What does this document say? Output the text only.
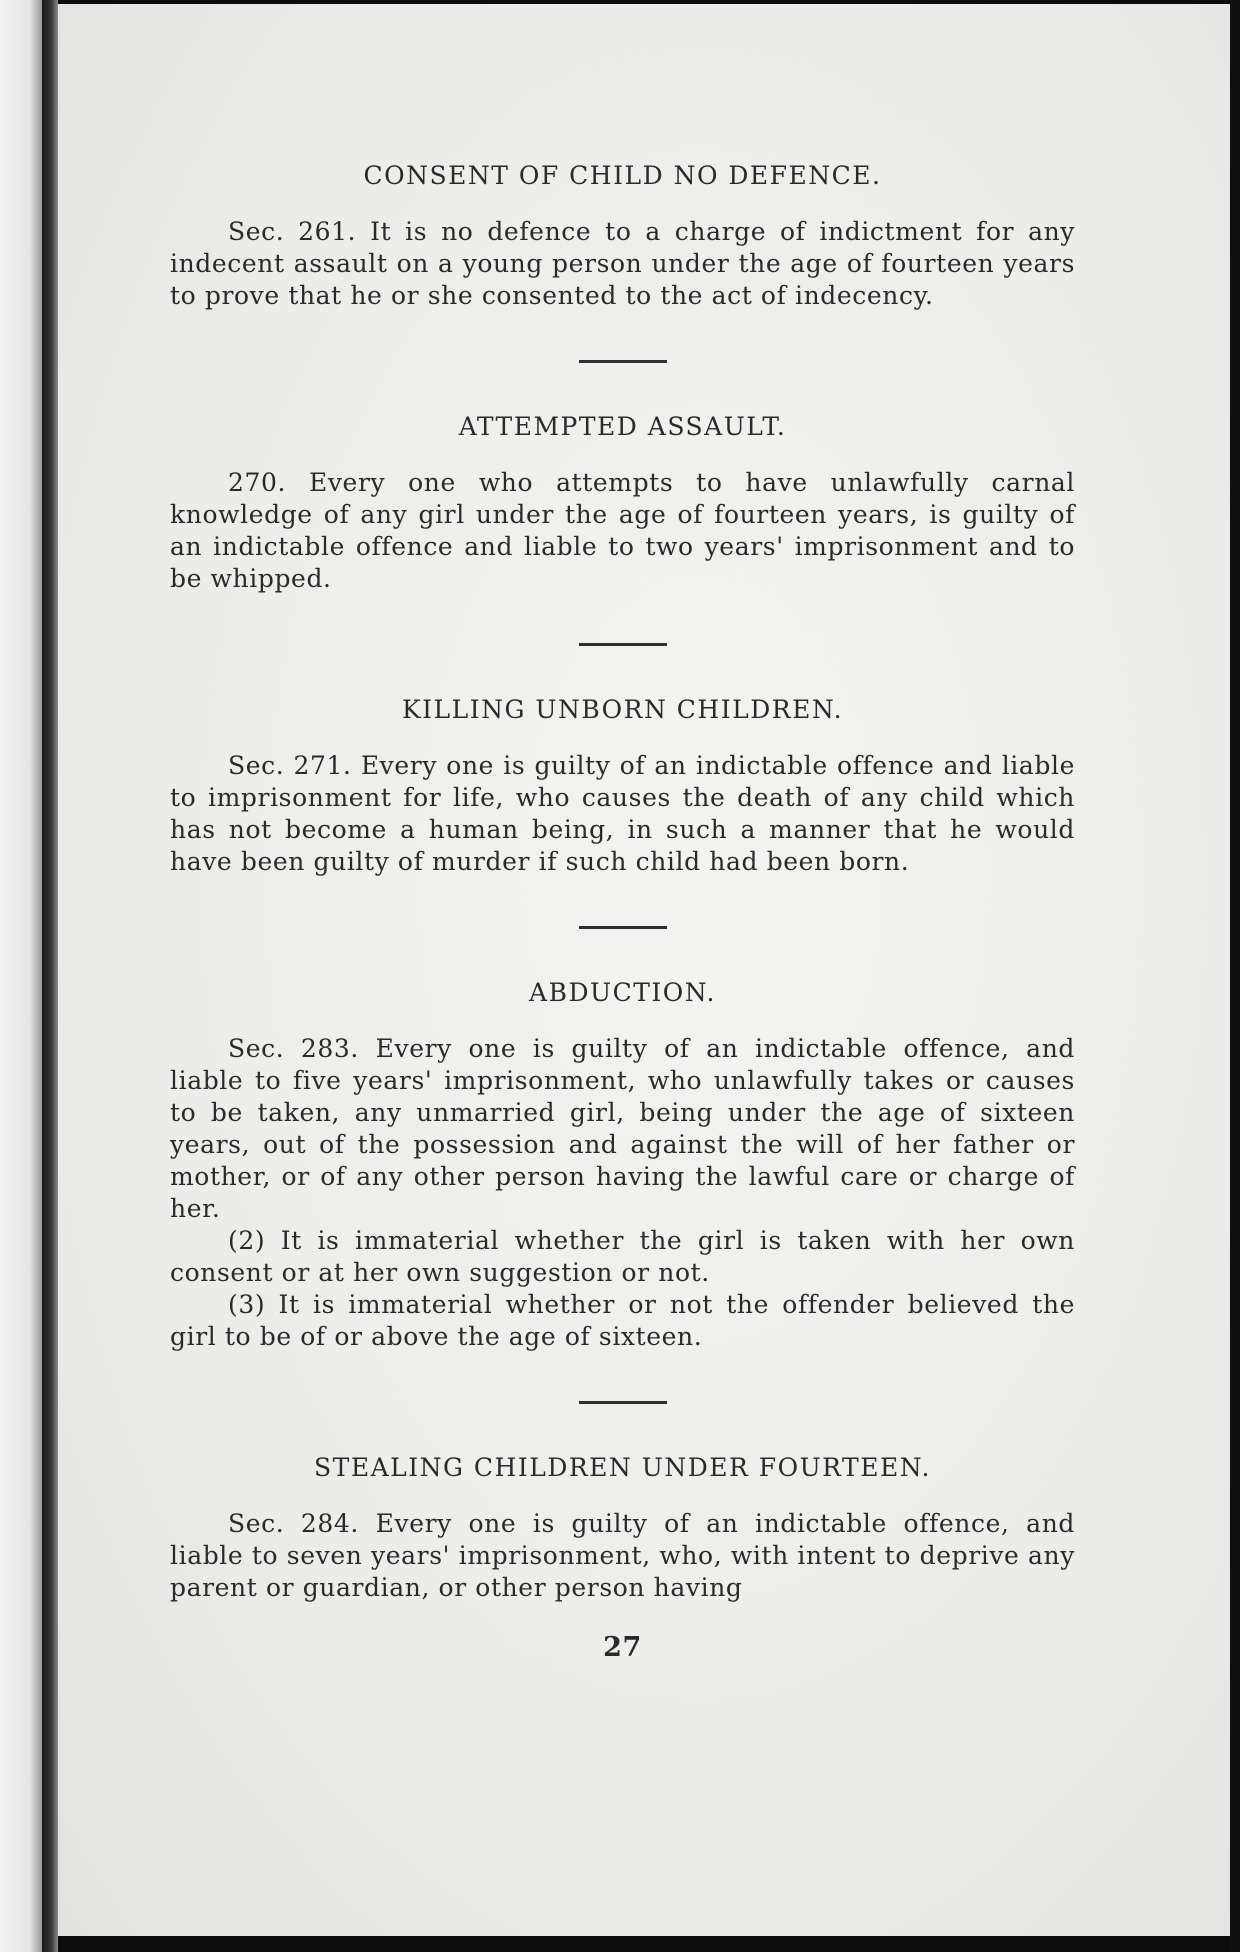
CONSENT OF CHILD NO DEFENCE.

Sec. 261. It is no defence to a charge of indictment for any indecent assault on a young person under the age of fourteen years to prove that he or she consented to the act of indecency.

ATTEMPTED ASSAULT.

270. Every one who attempts to have unlawfully carnal knowledge of any girl under the age of fourteen years, is guilty of an indictable offence and liable to two years' imprisonment and to be whipped.

KILLING UNBORN CHILDREN.

Sec. 271. Every one is guilty of an indictable offence and liable to imprisonment for life, who causes the death of any child which has not become a human being, in such a manner that he would have been guilty of murder if such child had been born.

ABDUCTION.

Sec. 283. Every one is guilty of an indictable offence, and liable to five years' imprisonment, who unlawfully takes or causes to be taken, any unmarried girl, being under the age of sixteen years, out of the possession and against the will of her father or mother, or of any other person having the lawful care or charge of her.

(2) It is immaterial whether the girl is taken with her own consent or at her own suggestion or not.

(3) It is immaterial whether or not the offender believed the girl to be of or above the age of sixteen.

STEALING CHILDREN UNDER FOURTEEN.

Sec. 284. Every one is guilty of an indictable offence, and liable to seven years' imprisonment, who, with intent to deprive any parent or guardian, or other person having

27
